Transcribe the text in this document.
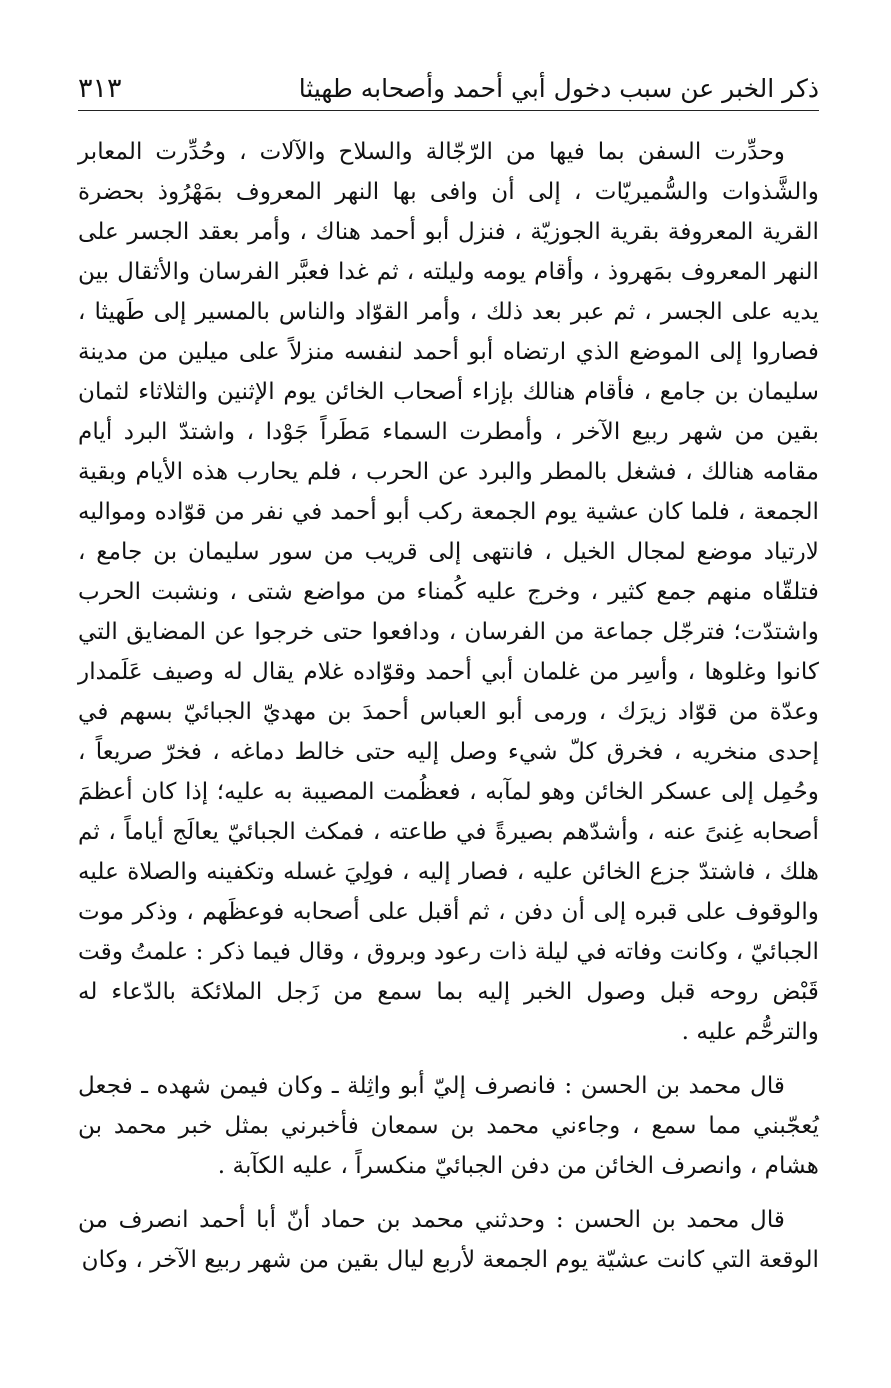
ذكر الخبر عن سبب دخول أبي أحمد وأصحابه طهيثا
٣١٣

وحدِّرت السفن بما فيها من الرّجّالة والسلاح والآلات ، وحُدِّرت المعابر والشَّذوات والسُّميريّات ، إلى أن وافى بها النهر المعروف بمَهْرُوذ بحضرة القرية المعروفة بقرية الجوزيّة ، فنزل أبو أحمد هناك ، وأمر بعقد الجسر على النهر المعروف بمَهروذ ، وأقام يومه وليلته ، ثم غدا فعبَّر الفرسان والأثقال بين يديه على الجسر ، ثم عبر بعد ذلك ، وأمر القوّاد والناس بالمسير إلى طَهيثا ، فصاروا إلى الموضع الذي ارتضاه أبو أحمد لنفسه منزلاً على ميلين من مدينة سليمان بن جامع ، فأقام هنالك بإزاء أصحاب الخائن يوم الإثنين والثلاثاء لثمان بقين من شهر ربيع الآخر ، وأمطرت السماء مَطَراً جَوْدا ، واشتدّ البرد أيام مقامه هنالك ، فشغل بالمطر والبرد عن الحرب ، فلم يحارب هذه الأيام وبقية الجمعة ، فلما كان عشية يوم الجمعة ركب أبو أحمد في نفر من قوّاده ومواليه لارتياد موضع لمجال الخيل ، فانتهى إلى قريب من سور سليمان بن جامع ، فتلقّاه منهم جمع كثير ، وخرج عليه كُمناء من مواضع شتى ، ونشبت الحرب واشتدّت؛ فترجّل جماعة من الفرسان ، ودافعوا حتى خرجوا عن المضايق التي كانوا وغلوها ، وأسِر من غلمان أبي أحمد وقوّاده غلام يقال له وصيف عَلَمدار وعدّة من قوّاد زيرَك ، ورمى أبو العباس أحمدَ بن مهديّ الجبائيّ بسهم في إحدى منخريه ، فخرق كلّ شيء وصل إليه حتى خالط دماغه ، فخرّ صريعاً ، وحُمِل إلى عسكر الخائن وهو لمآبه ، فعظُمت المصيبة به عليه؛ إذا كان أعظمَ أصحابه غِنىً عنه ، وأشدّهم بصيرةً في طاعته ، فمكث الجبائيّ يعالَج أياماً ، ثم هلك ، فاشتدّ جزع الخائن عليه ، فصار إليه ، فولِيَ غسله وتكفينه والصلاة عليه والوقوف على قبره إلى أن دفن ، ثم أقبل على أصحابه فوعظَهم ، وذكر موت الجبائيّ ، وكانت وفاته في ليلة ذات رعود وبروق ، وقال فيما ذكر : علمتُ وقت قَبْض روحه قبل وصول الخبر إليه بما سمع من زَجل الملائكة بالدّعاء له والترحُّم عليه .

قال محمد بن الحسن : فانصرف إليّ أبو واثِلة ـ وكان فيمن شهده ـ فجعل يُعجّبني مما سمع ، وجاءني محمد بن سمعان فأخبرني بمثل خبر محمد بن هشام ، وانصرف الخائن من دفن الجبائيّ منكسراً ، عليه الكآبة .

قال محمد بن الحسن : وحدثني محمد بن حماد أنّ أبا أحمد انصرف من الوقعة التي كانت عشيّة يوم الجمعة لأربع ليال بقين من شهر ربيع الآخر ، وكان
